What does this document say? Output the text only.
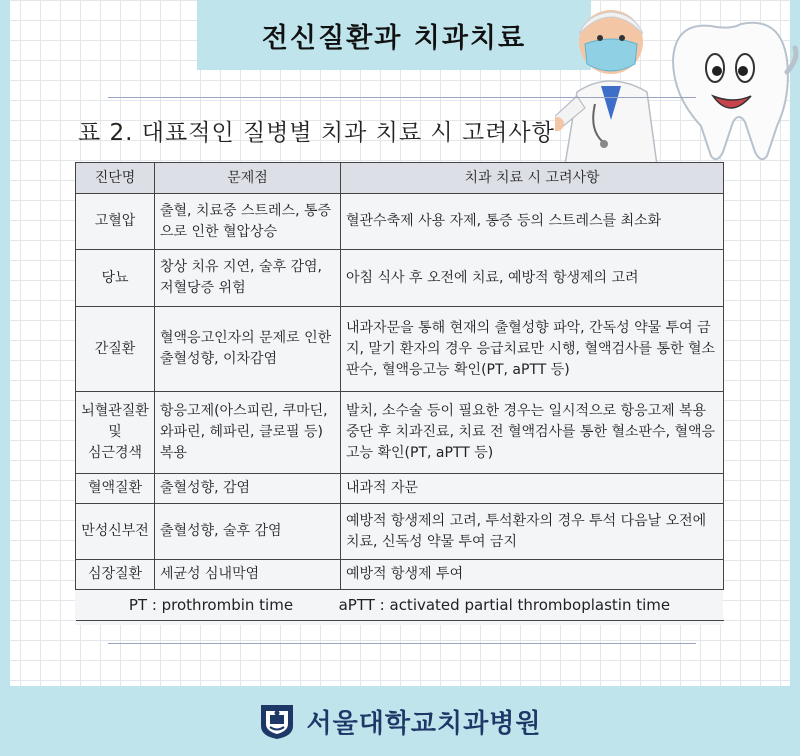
전신질환과 치과치료
표 2. 대표적인 질병별 치과 치료 시 고려사항
진단명	문제점	치과 치료 시 고려사항
고혈압	출혈, 치료중 스트레스, 통증으로 인한 혈압상승	혈관수축제 사용 자제, 통증 등의 스트레스를 최소화
당뇨	창상 치유 지연, 술후 감염, 저혈당증 위험	아침 식사 후 오전에 치료, 예방적 항생제의 고려
간질환	혈액응고인자의 문제로 인한 출혈성향, 이차감염	내과자문을 통해 현재의 출혈성향 파악, 간독성 약물 투여 금지, 말기 환자의 경우 응급치료만 시행, 혈액검사를 통한 혈소판수, 혈액응고능 확인(PT, aPTT 등)

뇌혈관질환
및
심근경색	항응고제(아스피린, 쿠마딘, 와파린, 헤파린, 클로필 등) 복용	발치, 소수술 등이 필요한 경우는 일시적으로 항응고제 복용 중단 후 치과진료, 치료 전 혈액검사를 통한 혈소판수, 혈액응고능 확인(PT, aPTT 등)
혈액질환	출혈성향, 감염	내과적 자문
만성신부전	출혈성향, 술후 감염	예방적 항생제의 고려, 투석환자의 경우 투석 다음날 오전에 치료, 신독성 약물 투여 금지
심장질환	세균성 심내막염	예방적 항생제 투여
PT : prothrombin time aPTT : activated partial thromboplastin time		
서울대학교치과병원
